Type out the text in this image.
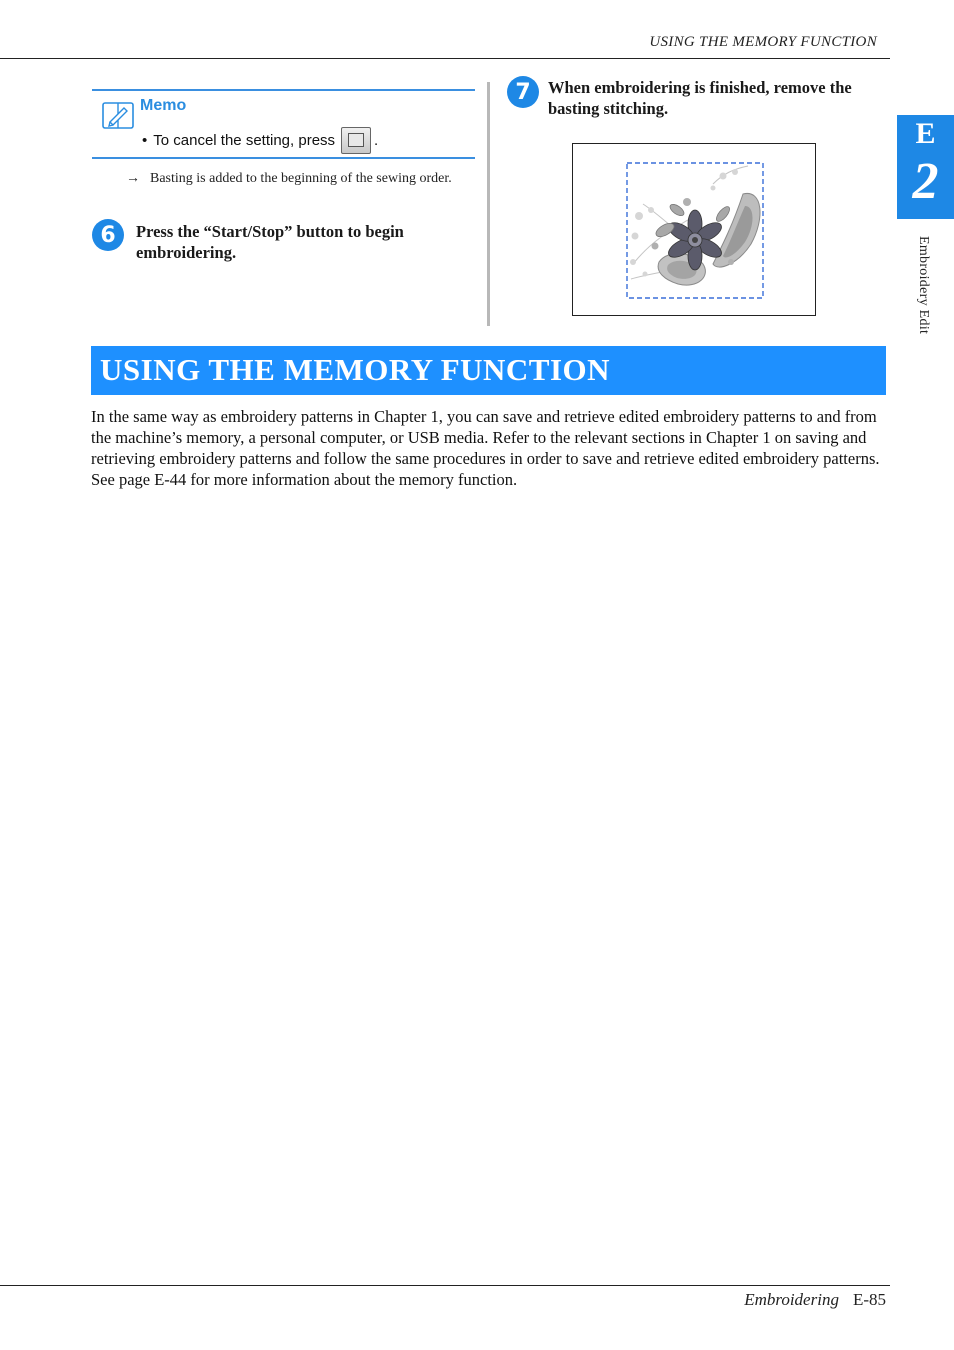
USING THE MEMORY FUNCTION
Memo
• To cancel the setting, press	.
→ Basting is added to the beginning of the sewing order.
6	Press the “Start/Stop” button to begin embroidering.
7	When embroidering is finished, remove the basting stitching.
USING THE MEMORY FUNCTION

In the same way as embroidery patterns in Chapter 1, you can save and retrieve edited embroidery patterns to and from the machine’s memory, a personal computer, or USB media. Refer to the relevant sections in Chapter 1 on saving and retrieving embroidery patterns and follow the same procedures in order to save and retrieve edited embroidery patterns.

See page E-44 for more information about the memory function.

E
2
Embroidery Edit
Embroidering E-85
